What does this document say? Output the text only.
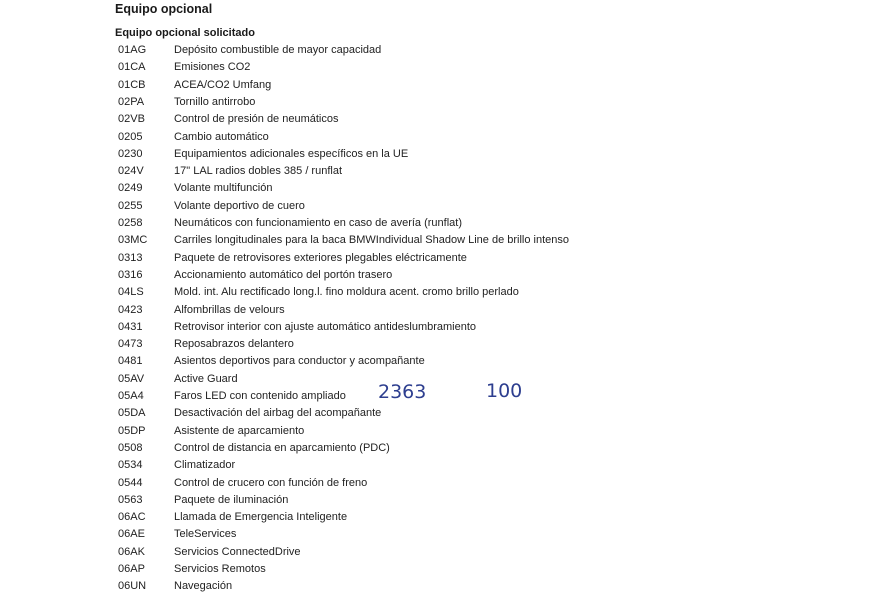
Equipo opcional
Equipo opcional solicitado
01AG	Depósito combustible de mayor capacidad
01CA	Emisiones CO2
01CB	ACEA/CO2 Umfang
02PA	Tornillo antirrobo
02VB	Control de presión de neumáticos
0205	Cambio automático
0230	Equipamientos adicionales específicos en la UE
024V	17" LAL radios dobles 385 / runflat
0249	Volante multifunción
0255	Volante deportivo de cuero
0258	Neumáticos con funcionamiento en caso de avería (runflat)
03MC	Carriles longitudinales para la baca BMWIndividual Shadow Line de brillo intenso
0313	Paquete de retrovisores exteriores plegables eléctricamente
0316	Accionamiento automático del portón trasero
04LS	Mold. int. Alu rectificado long.l. fino moldura acent. cromo brillo perlado
0423	Alfombrillas de velours
0431	Retrovisor interior con ajuste automático antideslumbramiento
0473	Reposabrazos delantero
0481	Asientos deportivos para conductor y acompañante
05AV	Active Guard
05A4	Faros LED con contenido ampliado
05DA	Desactivación del airbag del acompañante
05DP	Asistente de aparcamiento
0508	Control de distancia en aparcamiento (PDC)
0534	Climatizador
0544	Control de crucero con función de freno
0563	Paquete de iluminación
06AC	Llamada de Emergencia Inteligente
06AE	TeleServices
06AK	Servicios ConnectedDrive
06AP	Servicios Remotos
06UN	Navegación
2363	100
